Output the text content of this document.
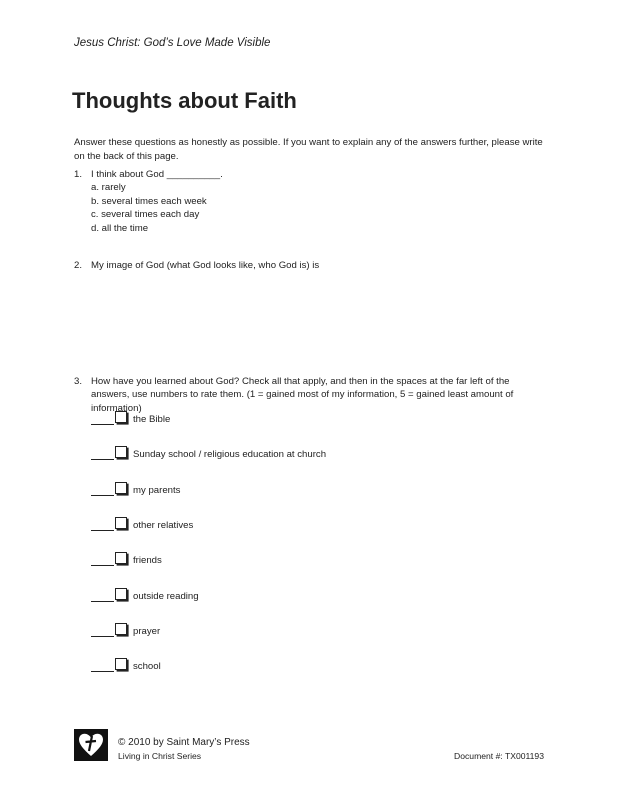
Jesus Christ: God’s Love Made Visible
Thoughts about Faith
Answer these questions as honestly as possible. If you want to explain any of the answers further, please write on the back of this page.
1. I think about God __________.
a. rarely
b. several times each week
c. several times each day
d. all the time
2. My image of God (what God looks like, who God is) is
3. How have you learned about God? Check all that apply, and then in the spaces at the far left of the answers, use numbers to rate them. (1 = gained most of my information, 5 = gained least amount of information)
the Bible
Sunday school / religious education at church
my parents
other relatives
friends
outside reading
prayer
school
© 2010 by Saint Mary’s Press
Living in Christ Series	Document #: TX001193
